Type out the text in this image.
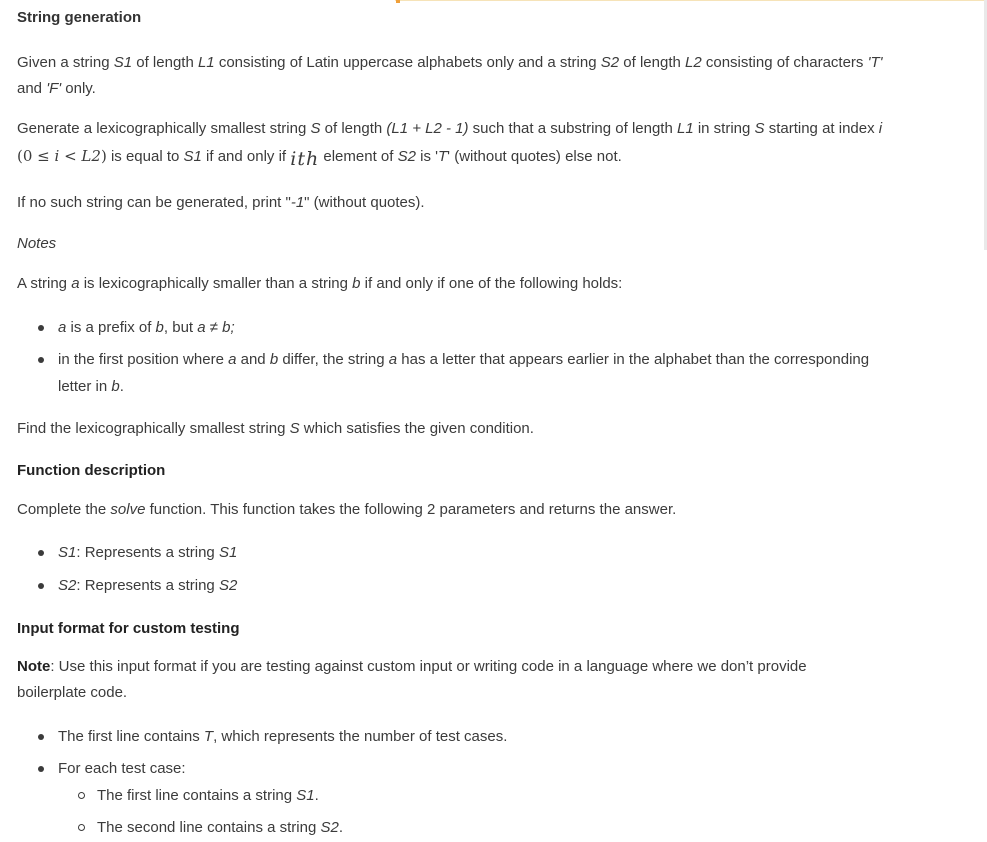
String generation

Given a string S1 of length L1 consisting of Latin uppercase alphabets only and a string S2 of length L2 consisting of characters 'T'
and 'F' only.

Generate a lexicographically smallest string S of length (L1 + L2 - 1) such that a substring of length L1 in string S starting at index i
(0 ≤ i < L2) is equal to S1 if and only if ith element of S2 is 'T' (without quotes) else not.

If no such string can be generated, print "-1" (without quotes).

Notes

A string a is lexicographically smaller than a string b if and only if one of the following holds:

a is a prefix of b, but a ≠ b;
in the first position where a and b differ, the string a has a letter that appears earlier in the alphabet than the corresponding
letter in b.

Find the lexicographically smallest string S which satisfies the given condition.

Function description

Complete the solve function. This function takes the following 2 parameters and returns the answer.

S1: Represents a string S1
S2: Represents a string S2
Input format for custom testing

Note: Use this input format if you are testing against custom input or writing code in a language where we don’t provide
boilerplate code.

The first line contains T, which represents the number of test cases.
For each test case:
The first line contains a string S1.
The second line contains a string S2.
